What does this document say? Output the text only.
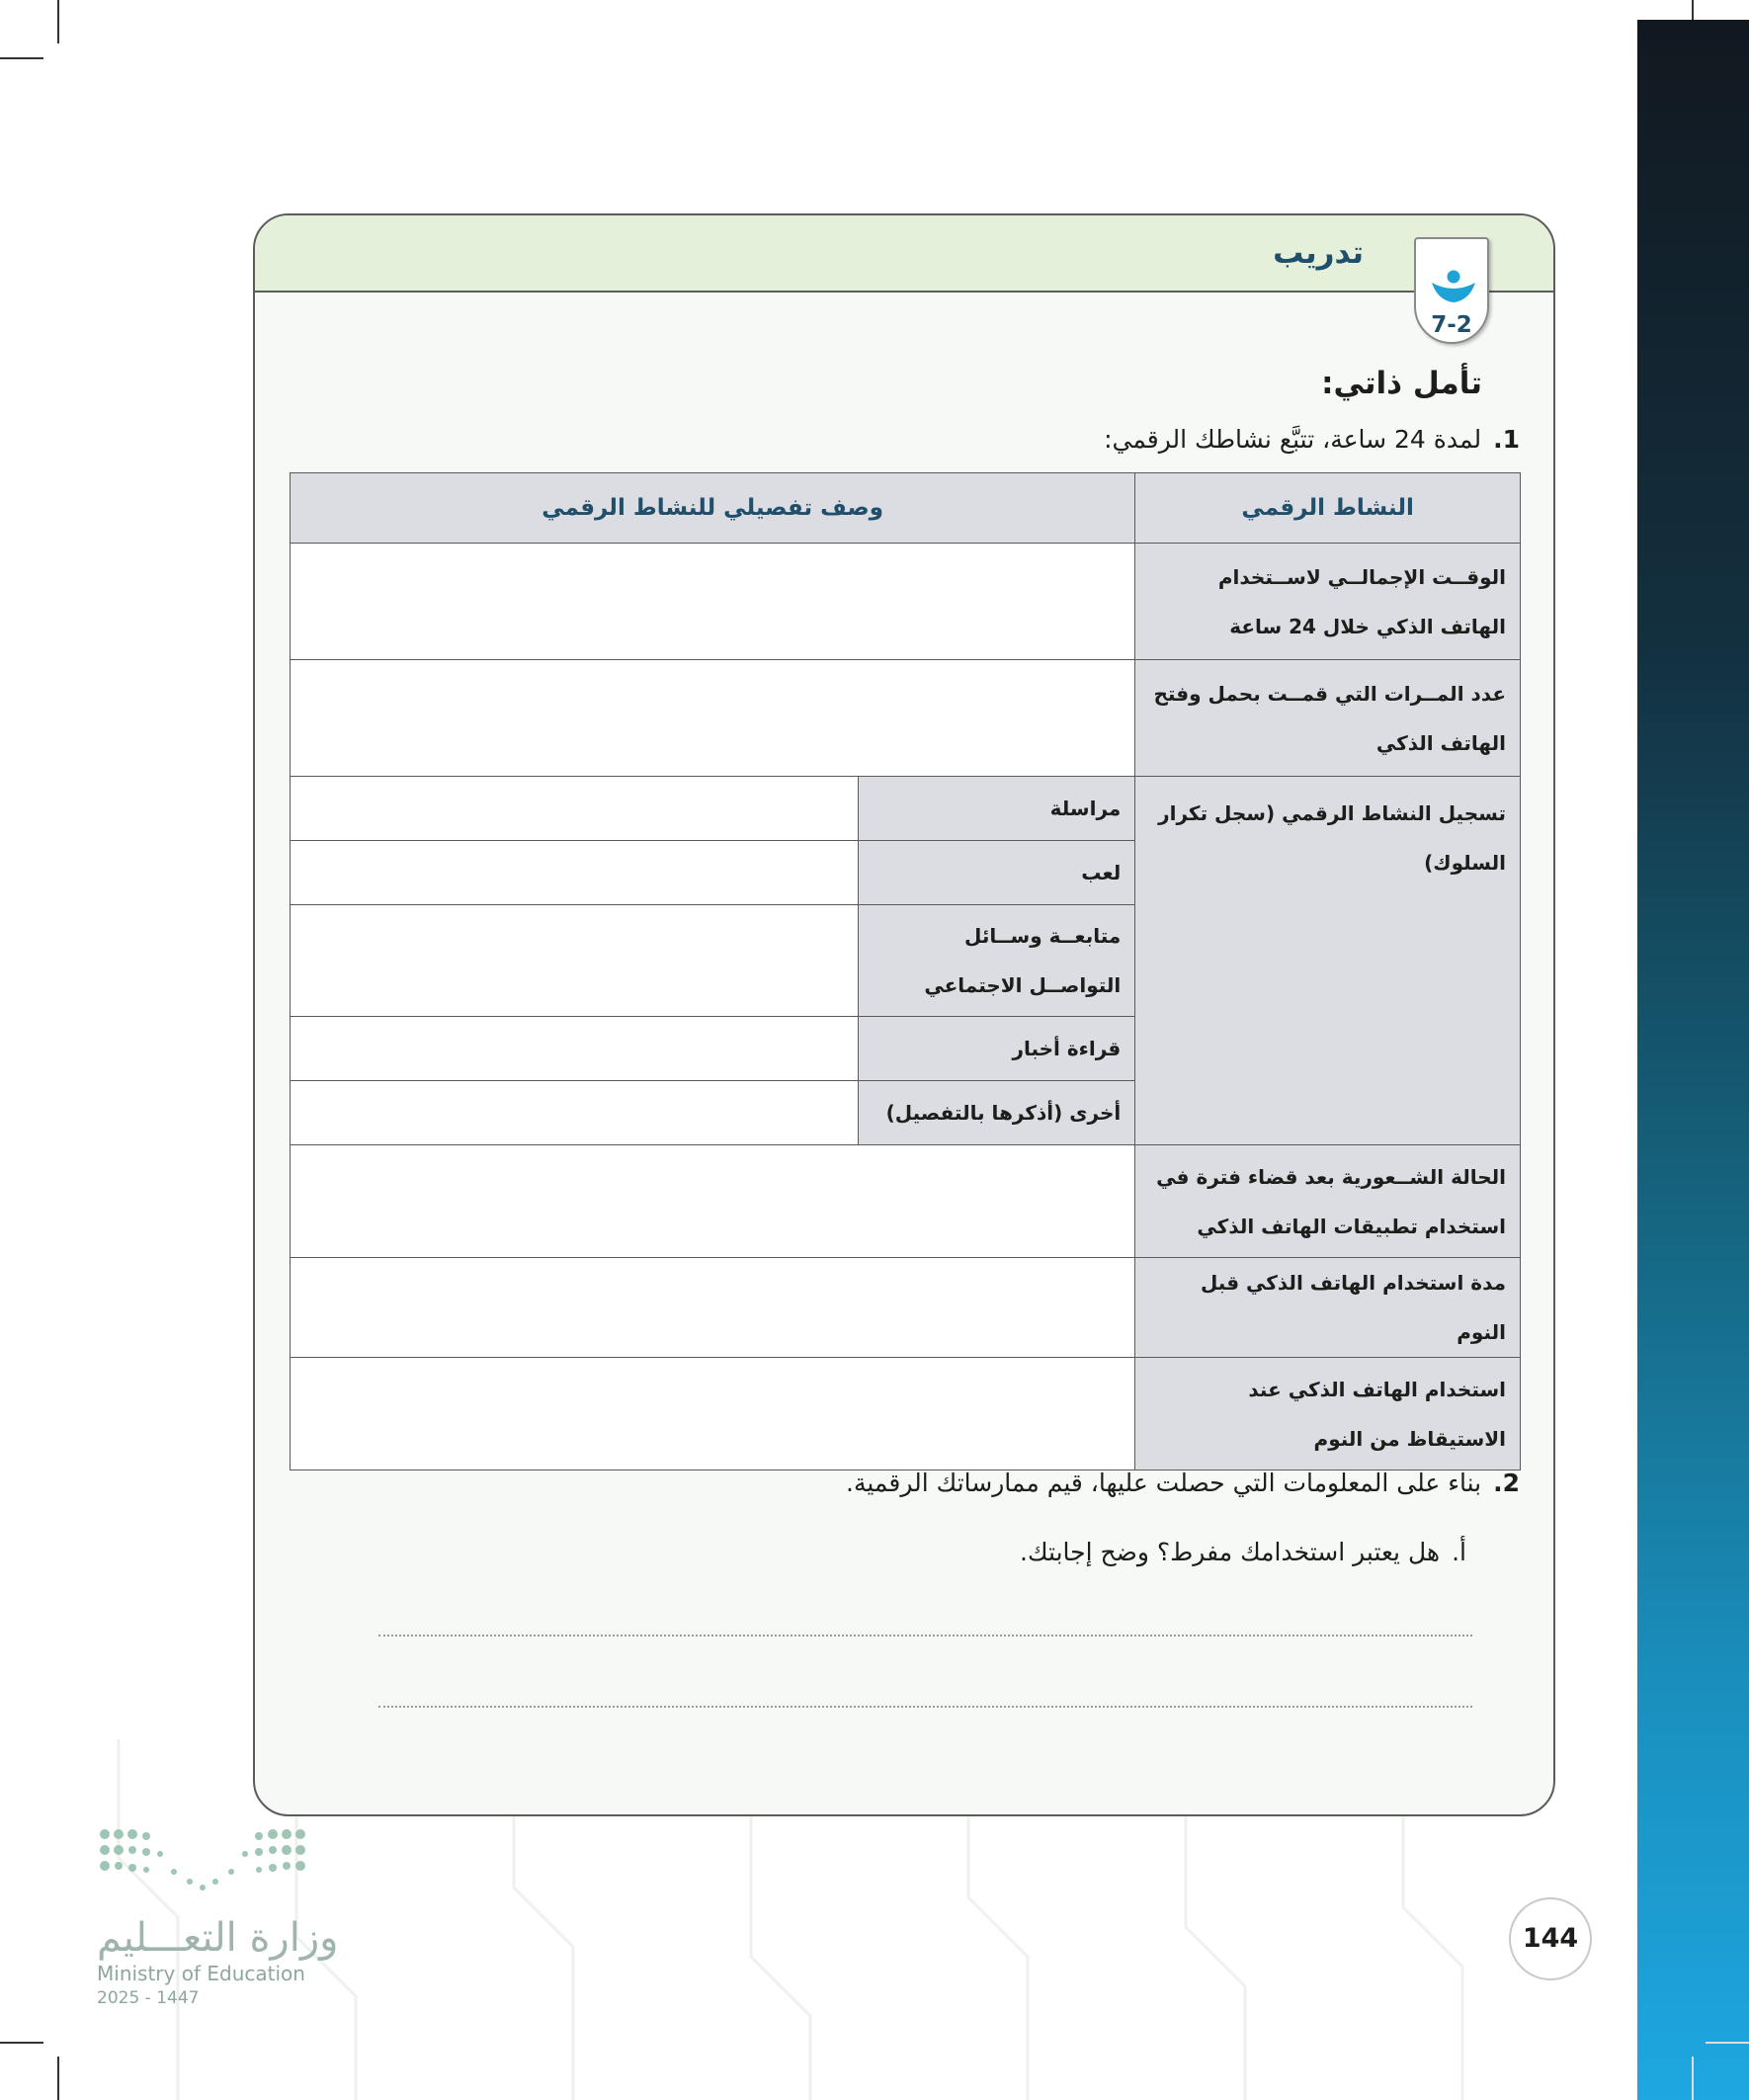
تدريب
7-2
تأمل ذاتي:
1.لمدة 24 ساعة، تتبَّع نشاطك الرقمي:
النشاط الرقمي	وصف تفصيلي للنشاط الرقمي	
الوقــت الإجمالــي لاســتخدام الهاتف الذكي خلال 24 ساعة		
عدد المــرات التي قمــت بحمل وفتح الهاتف الذكي		
تسجيل النشاط الرقمي (سجل تكرار السلوك)	مراسلة	
	لعب	
	متابعــة وســائل التواصــل الاجتماعي	
	قراءة أخبار	
	أخرى (أذكرها بالتفصيل)	
الحالة الشــعورية بعد قضاء فترة في استخدام تطبيقات الهاتف الذكي		
مدة استخدام الهاتف الذكي قبل النوم		
استخدام الهاتف الذكي عند الاستيقاظ من النوم		
2.بناء على المعلومات التي حصلت عليها، قيم ممارساتك الرقمية.
أ.هل يعتبر استخدامك مفرط؟ وضح إجابتك.
وزارة التعـــليم
Ministry of Education
2025 - 1447
144
